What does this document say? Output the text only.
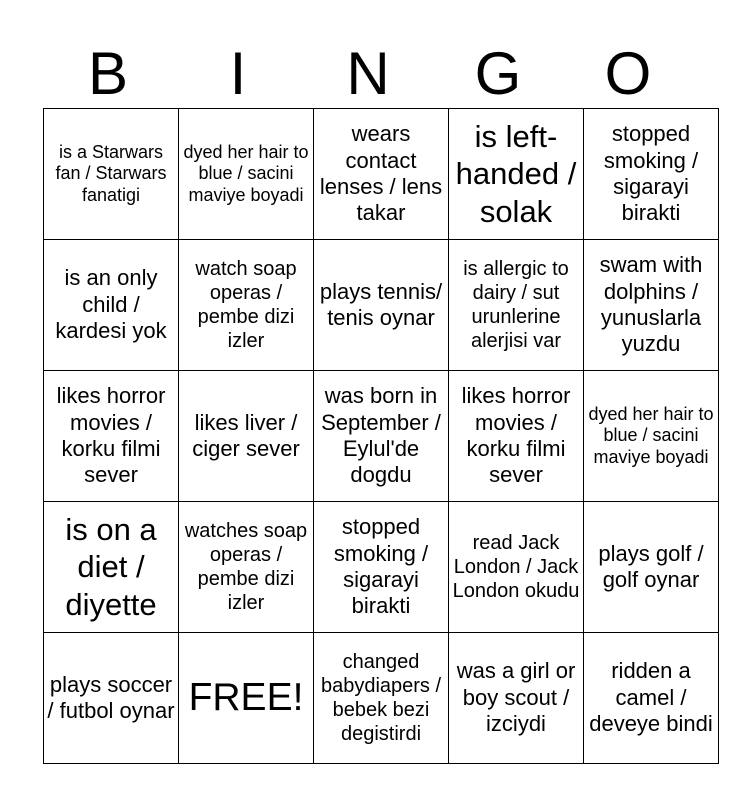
B	I	N	G	O
is a Starwars fan / Starwars fanatigi	dyed her hair to blue / sacini maviye boyadi	wears contact lenses / lens takar	is left-handed / solak	stopped smoking / sigarayi birakti
is an only child / kardesi yok	watch soap operas / pembe dizi izler	plays tennis/ tenis oynar	is allergic to dairy / sut urunlerine alerjisi var	swam with dolphins / yunuslarla yuzdu
likes horror movies / korku filmi sever	likes liver / ciger sever	was born in September / Eylul'de dogdu	likes horror movies / korku filmi sever	dyed her hair to blue / sacini maviye boyadi
is on a diet / diyette	watches soap operas / pembe dizi izler	stopped smoking / sigarayi birakti	read Jack London / Jack London okudu	plays golf / golf oynar
plays soccer / futbol oynar	FREE!	changed babydiapers / bebek bezi degistirdi	was a girl or boy scout / izciydi	ridden a camel / deveye bindi
